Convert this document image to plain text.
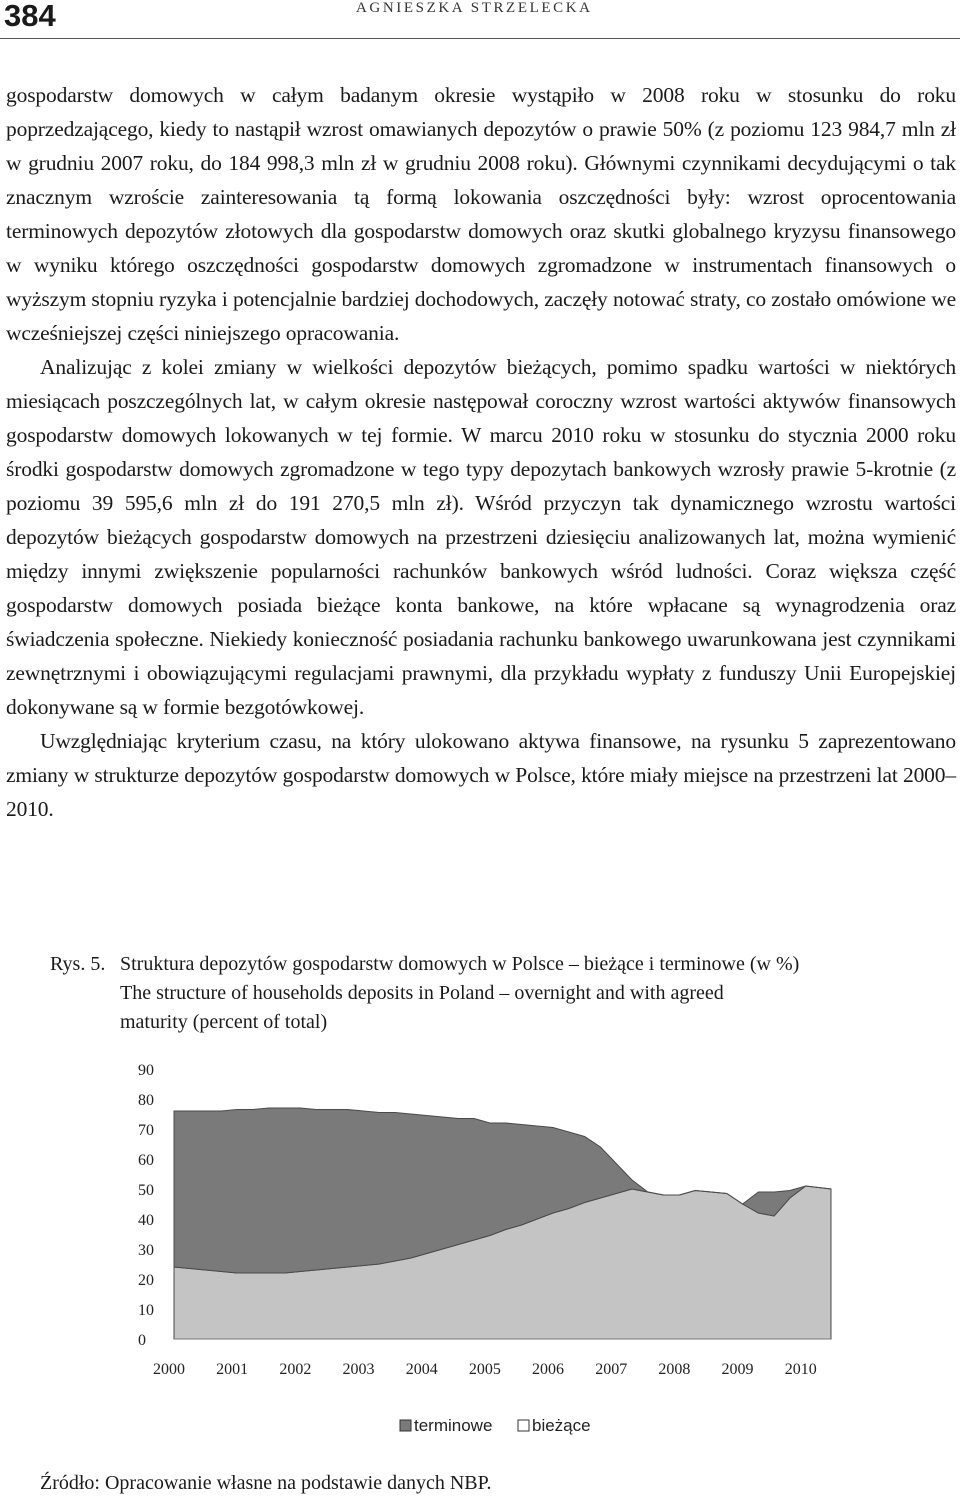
384	AGNIESZKA STRZELECKA

gospodarstw domowych w całym badanym okresie wystąpiło w 2008 roku w stosunku do roku poprzedzającego, kiedy to nastąpił wzrost omawianych depozytów o prawie 50% (z poziomu 123 984,7 mln zł w grudniu 2007 roku, do 184 998,3 mln zł w grudniu 2008 roku). Głównymi czynnikami decydującymi o tak znacznym wzroście zainteresowania tą formą lokowania oszczędności były: wzrost oprocentowania terminowych depozytów złotowych dla gospodarstw domowych oraz skutki globalnego kryzysu finansowego w wyniku którego oszczędności gospodarstw domowych zgromadzone w instrumentach finansowych o wyższym stopniu ryzyka i potencjalnie bardziej dochodowych, zaczęły notować straty, co zostało omówione we wcześniejszej części niniejszego opracowania.

Analizując z kolei zmiany w wielkości depozytów bieżących, pomimo spadku wartości w niektórych miesiącach poszczególnych lat, w całym okresie następował coroczny wzrost wartości aktywów finansowych gospodarstw domowych lokowanych w tej formie. W marcu 2010 roku w stosunku do stycznia 2000 roku środki gospodarstw domowych zgromadzone w tego typy depozytach bankowych wzrosły prawie 5-krotnie (z poziomu 39 595,6 mln zł do 191 270,5 mln zł). Wśród przyczyn tak dynamicznego wzrostu wartości depozytów bieżących gospodarstw domowych na przestrzeni dziesięciu analizowanych lat, można wymienić między innymi zwiększenie popularności rachunków bankowych wśród ludności. Coraz większa część gospodarstw domowych posiada bieżące konta bankowe, na które wpłacane są wynagrodzenia oraz świadczenia społeczne. Niekiedy konieczność posiadania rachunku bankowego uwarunkowana jest czynnikami zewnętrznymi i obowiązującymi regulacjami prawnymi, dla przykładu wypłaty z funduszy Unii Europejskiej dokonywane są w formie bezgotówkowej.

Uwzględniając kryterium czasu, na który ulokowano aktywa finansowe, na rysunku 5 zaprezentowano zmiany w strukturze depozytów gospodarstw domowych w Polsce, które miały miejsce na przestrzeni lat 2000–2010.

Rys. 5. Struktura depozytów gospodarstw domowych w Polsce – bieżące i terminowe (w %)
The structure of households deposits in Poland – overnight and with agreed
maturity (percent of total)
0
10
20
30
40
50
60
70
80
90
2000 2001 2002 2003 2004 2005 2006 2007 2008 2009 2010
terminowe bieżące
Źródło: Opracowanie własne na podstawie danych NBP.
